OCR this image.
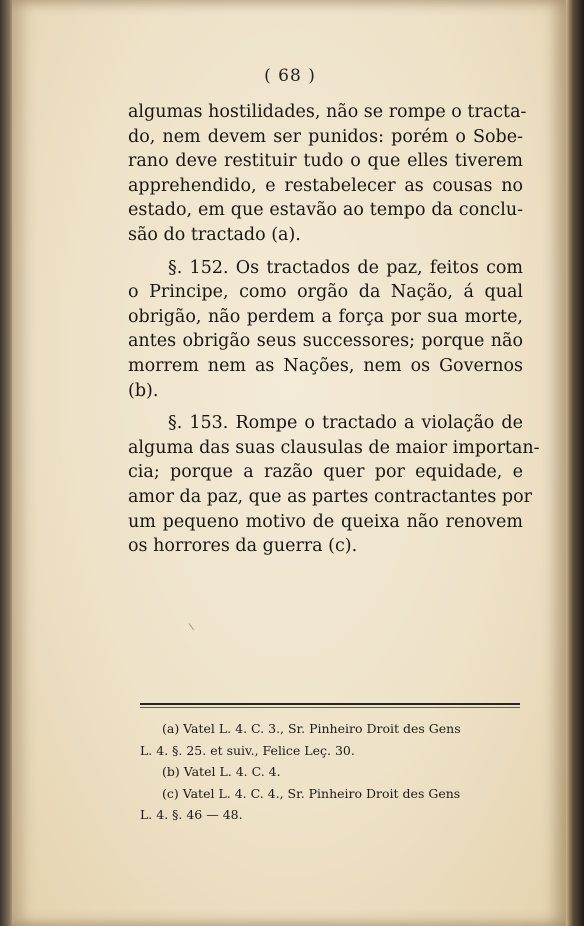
( 68 )
algumas hostilidades, não se rompe o tracta-
do, nem devem ser punidos: porém o Sobe-
rano deve restituir tudo o que elles tiverem
apprehendido, e restabelecer as cousas no
estado, em que estavão ao tempo da conclu-
são do tractado (a).
§. 152. Os tractados de paz, feitos com
o Principe, como orgão da Nação, á qual
obrigão, não perdem a força por sua morte,
antes obrigão seus successores; porque não
morrem nem as Nações, nem os Governos
(b).
§. 153. Rompe o tractado a violação de
alguma das suas clausulas de maior importan-
cia; porque a razão quer por equidade, e
amor da paz, que as partes contractantes por
um pequeno motivo de queixa não renovem
os horrores da guerra (c).
(a) Vatel L. 4. C. 3., Sr. Pinheiro Droit des Gens
L. 4. §. 25. et suiv., Felice Leç. 30.
(b) Vatel L. 4. C. 4.
(c) Vatel L. 4. C. 4., Sr. Pinheiro Droit des Gens
L. 4. §. 46 — 48.
